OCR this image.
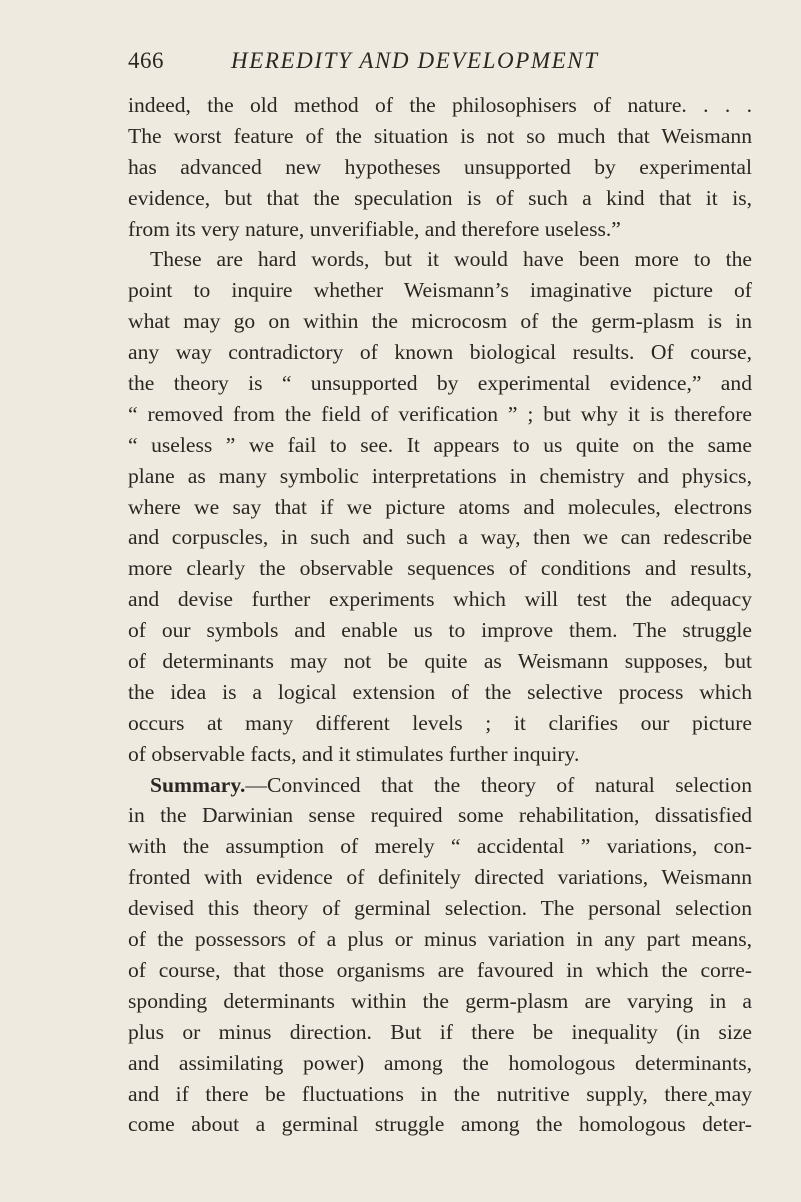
466	HEREDITY AND DEVELOPMENT
indeed, the old method of the philosophisers of nature. . . .
The worst feature of the situation is not so much that Weismann
has advanced new hypotheses unsupported by experimental
evidence, but that the speculation is of such a kind that it is,
from its very nature, unverifiable, and therefore useless.”
These are hard words, but it would have been more to the
point to inquire whether Weismann’s imaginative picture of
what may go on within the microcosm of the germ-plasm is in
any way contradictory of known biological results. Of course,
the theory is “ unsupported by experimental evidence,” and
“ removed from the field of verification ” ; but why it is therefore
“ useless ” we fail to see. It appears to us quite on the same
plane as many symbolic interpretations in chemistry and physics,
where we say that if we picture atoms and molecules, electrons
and corpuscles, in such and such a way, then we can redescribe
more clearly the observable sequences of conditions and results,
and devise further experiments which will test the adequacy
of our symbols and enable us to improve them. The struggle
of determinants may not be quite as Weismann supposes, but
the idea is a logical extension of the selective process which
occurs at many different levels ; it clarifies our picture
of observable facts, and it stimulates further inquiry.
Summary.—Convinced that the theory of natural selection
in the Darwinian sense required some rehabilitation, dissatisfied
with the assumption of merely “ accidental ” variations, con-
fronted with evidence of definitely directed variations, Weismann
devised this theory of germinal selection. The personal selection
of the possessors of a plus or minus variation in any part means,
of course, that those organisms are favoured in which the corre-
sponding determinants within the germ-plasm are varying in a
plus or minus direction. But if there be inequality (in size
and assimilating power) among the homologous determinants,
and if there be fluctuations in the nutritive supply, there‸may
come about a germinal struggle among the homologous deter-
